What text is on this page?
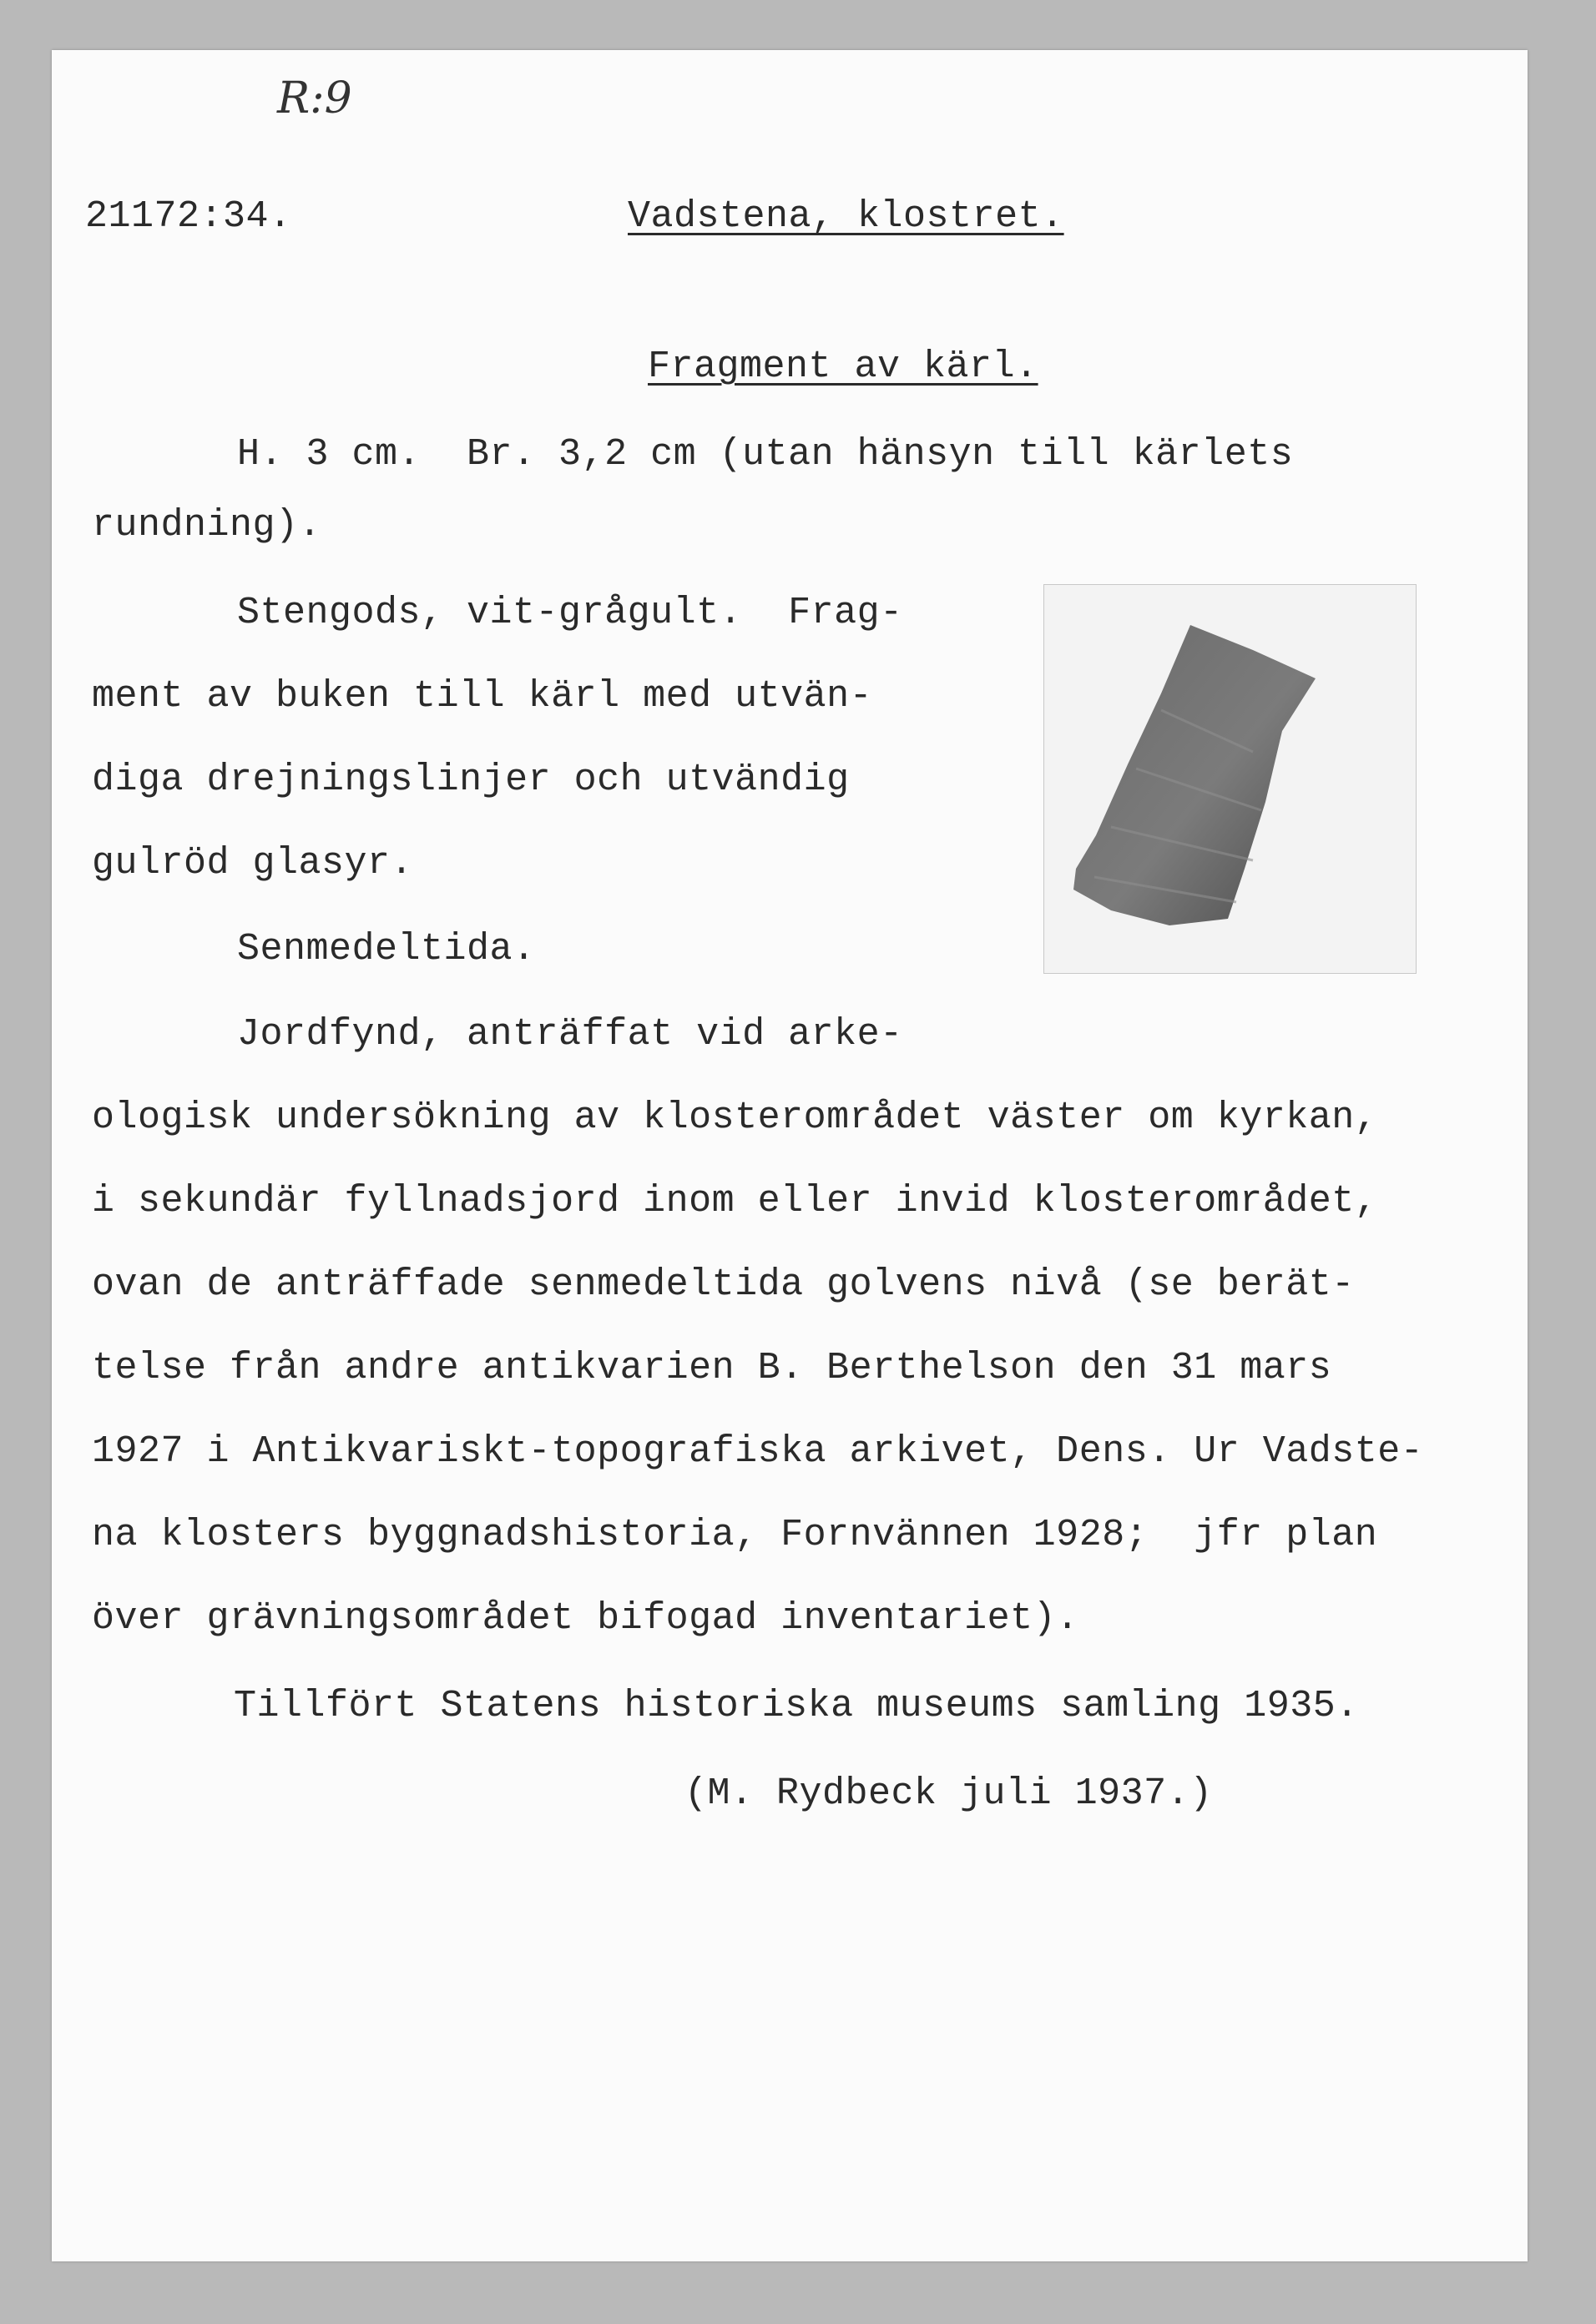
R:9
21172:34.	Vadstena, klostret.
Fragment av kärl.
H. 3 cm.  Br. 3,2 cm (utan hänsyn till kärlets
rundning).
Stengods, vit-grågult.  Frag-
ment av buken till kärl med utvän-
diga drejningslinjer och utvändig
gulröd glasyr.
Senmedeltida.
Jordfynd, anträffat vid arke-
ologisk undersökning av klosterområdet väster om kyrkan,
i sekundär fyllnadsjord inom eller invid klosterområdet,
ovan de anträffade senmedeltida golvens nivå (se berät-
telse från andre antikvarien B. Berthelson den 31 mars
1927 i Antikvariskt-topografiska arkivet, Dens. Ur Vadste-
na klosters byggnadshistoria, Fornvännen 1928;  jfr plan
över grävningsområdet bifogad inventariet).
Tillfört Statens historiska museums samling 1935.
(M. Rydbeck juli 1937.)
